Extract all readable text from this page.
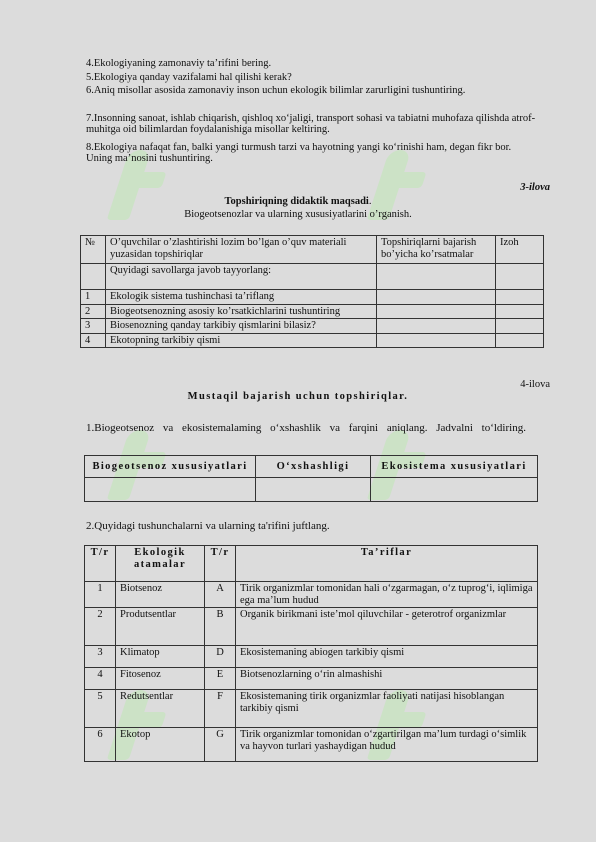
4.Ekologiyaning zamonaviy ta’rifini bering.
5.Ekologiya qanday vazifalami hal qilishi kerak?
6.Aniq misollar asosida zamonaviy inson uchun ekologik bilimlar zarurligini tushuntiring.
7.Insonning sanoat, ishlab chiqarish, qishloq xo‘jaligi, transport sohasi va tabiatni muhofaza qilishda atrof-muhitga oid bilimlardan foydalanishiga misollar keltiring.
8.Ekologiya nafaqat fan, balki yangi turmush tarzi va hayotning yangi ko‘rinishi ham, degan fikr bor. Uning ma’nosini tushuntiring.
3-ilova
Topshiriqning didaktik maqsadi.
Biogeotsenozlar va ularning xususiyatlarini o’rganish.
№	O’quvchilar o’zlashtirishi lozim bo’lgan o’quv materiali yuzasidan topshiriqlar	Topshiriqlarni bajarish bo’yicha ko’rsatmalar	Izoh
	Quyidagi savollarga javob tayyorlang:		
1	Ekologik sistema tushinchasi ta’riflang		
2	Biogeotsenozning asosiy ko’rsatkichlarini tushuntiring		
3	Biosenozning qanday tarkibiy qismlarini bilasiz?		
4	Ekotopning tarkibiy qismi		
4-ilova
Mustaqil bajarish uchun topshiriqlar.
1.Biogeotsenoz va ekosistemalaming o‘xshashlik va farqini aniqlang. Jadvalni to‘ldiring.
Biogeotsenoz xususiyatlari	O‘xshashligi	Ekosistema xususiyatlari

2.Quyidagi tushunchalarni va ularning ta'rifini juftlang.
T/r	Ekologik atamalar	T/r	Ta’riflar
1	Biotsenoz	A	Tirik organizmlar tomonidan hali o‘zgarmagan, o‘z tuprog‘i, iqlimiga ega ma’lum hudud
2	Produtsentlar	B	Organik birikmani iste’mol qiluvchilar - geterotrof organizmlar
3	Klimatop	D	Ekosistemaning abiogen tarkibiy qismi
4	Fitosenoz	E	Biotsenozlarning o‘rin almashishi
5	Redutsentlar	F	Ekosistemaning tirik organizmlar faoliyati natijasi hisoblangan tarkibiy qismi
6	Ekotop	G	Tirik organizmlar tomonidan o‘zgartirilgan ma’lum turdagi o‘simlik va hayvon turlari yashaydigan hudud
